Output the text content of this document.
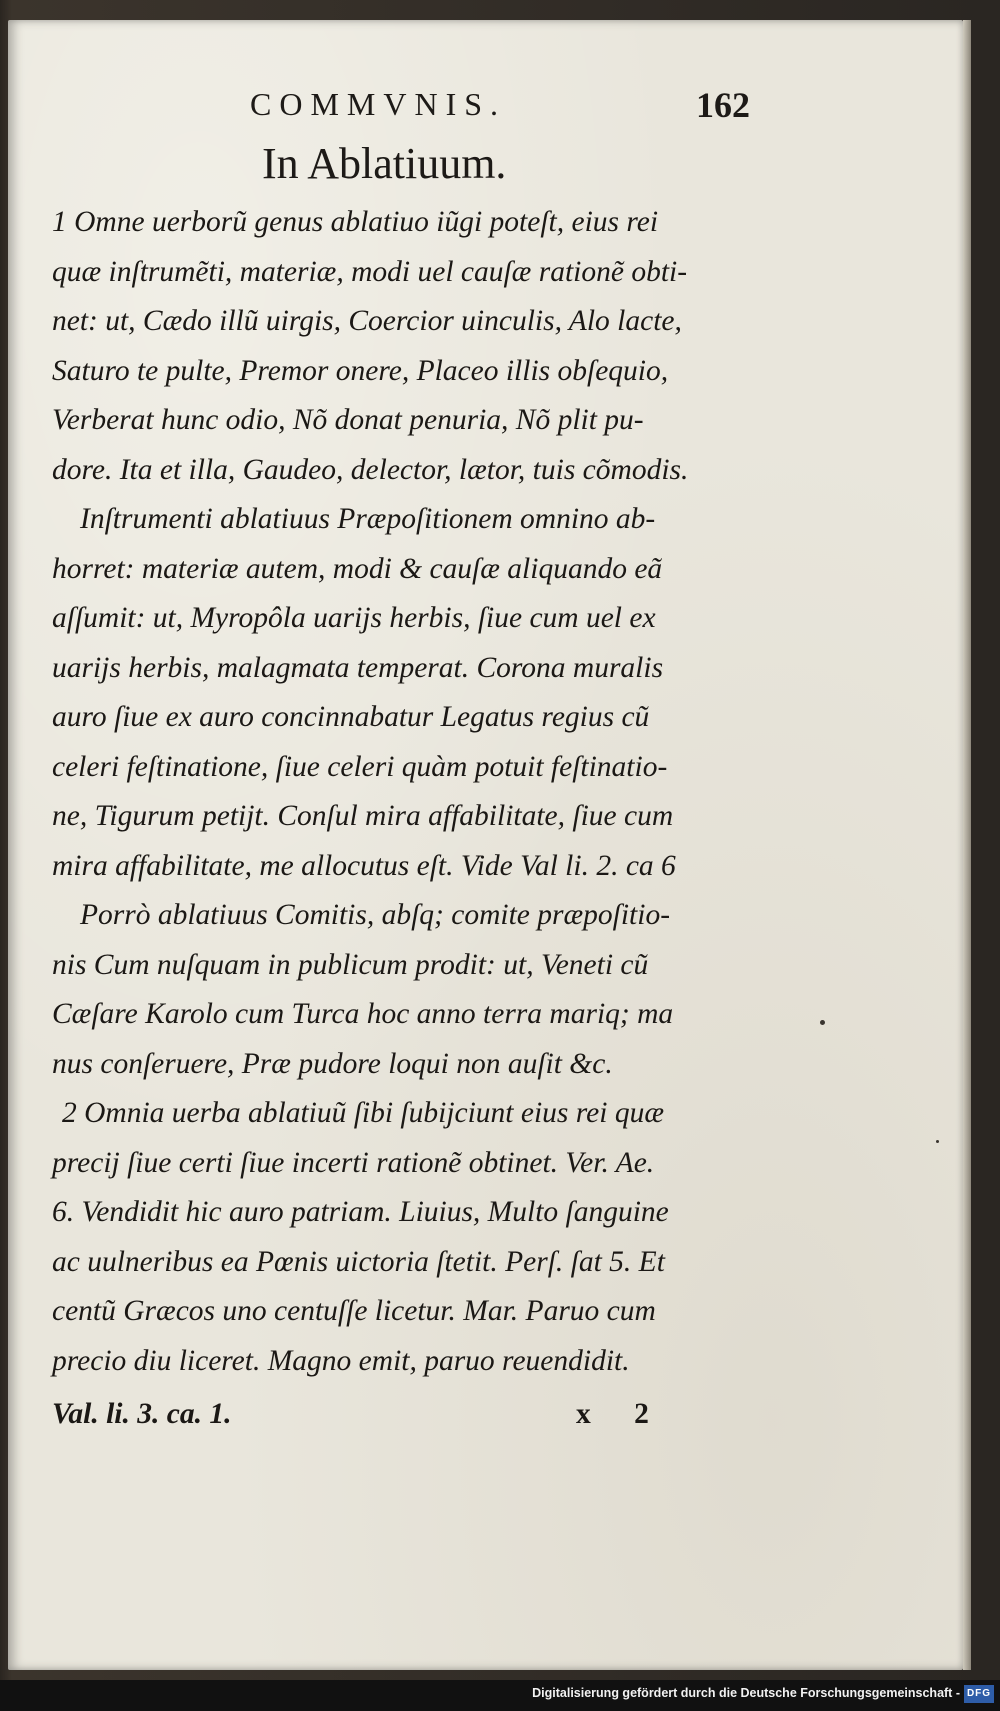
COMMVNIS.	162
In Ablatiuum.
1 Omne uerborũ genus ablatiuo iũgi poteſt, eius rei
quæ inſtrumẽti, materiæ, modi uel cauſæ rationẽ obti-
net: ut, Cædo illũ uirgis, Coercior uinculis, Alo lacte,
Saturo te pulte, Premor onere, Placeo illis obſequio,
Verberat hunc odio, Nõ donat penuria, Nõ plit pu-
dore. Ita et illa, Gaudeo, delector, lætor, tuis cõmodis.
Inſtrumenti ablatiuus Præpoſitionem omnino ab-
horret: materiæ autem, modi & cauſæ aliquando eã
aſſumit: ut, Myropôla uarijs herbis, ſiue cum uel ex
uarijs herbis, malagmata temperat. Corona muralis
auro ſiue ex auro concinnabatur Legatus regius cũ
celeri feſtinatione, ſiue celeri quàm potuit feſtinatio-
ne, Tigurum petijt. Conſul mira affabilitate, ſiue cum
mira affabilitate, me allocutus eſt. Vide Val li. 2. ca 6
Porrò ablatiuus Comitis, abſq; comite præpoſitio-
nis Cum nuſquam in publicum prodit: ut, Veneti cũ
Cæſare Karolo cum Turca hoc anno terra mariq; ma
nus conſeruere, Præ pudore loqui non auſit &c.
2 Omnia uerba ablatiuũ ſibi ſubijciunt eius rei quæ
precij ſiue certi ſiue incerti rationẽ obtinet. Ver. Ae.
6. Vendidit hic auro patriam. Liuius, Multo ſanguine
ac uulneribus ea Pœnis uictoria ſtetit. Perſ. ſat 5. Et
centũ Græcos uno centuſſe licetur. Mar. Paruo cum
precio diu liceret. Magno emit, paruo reuendidit.
Val. li. 3. ca. 1.	x 2
Digitalisierung gefördert durch die Deutsche Forschungsgemeinschaft - DFG
